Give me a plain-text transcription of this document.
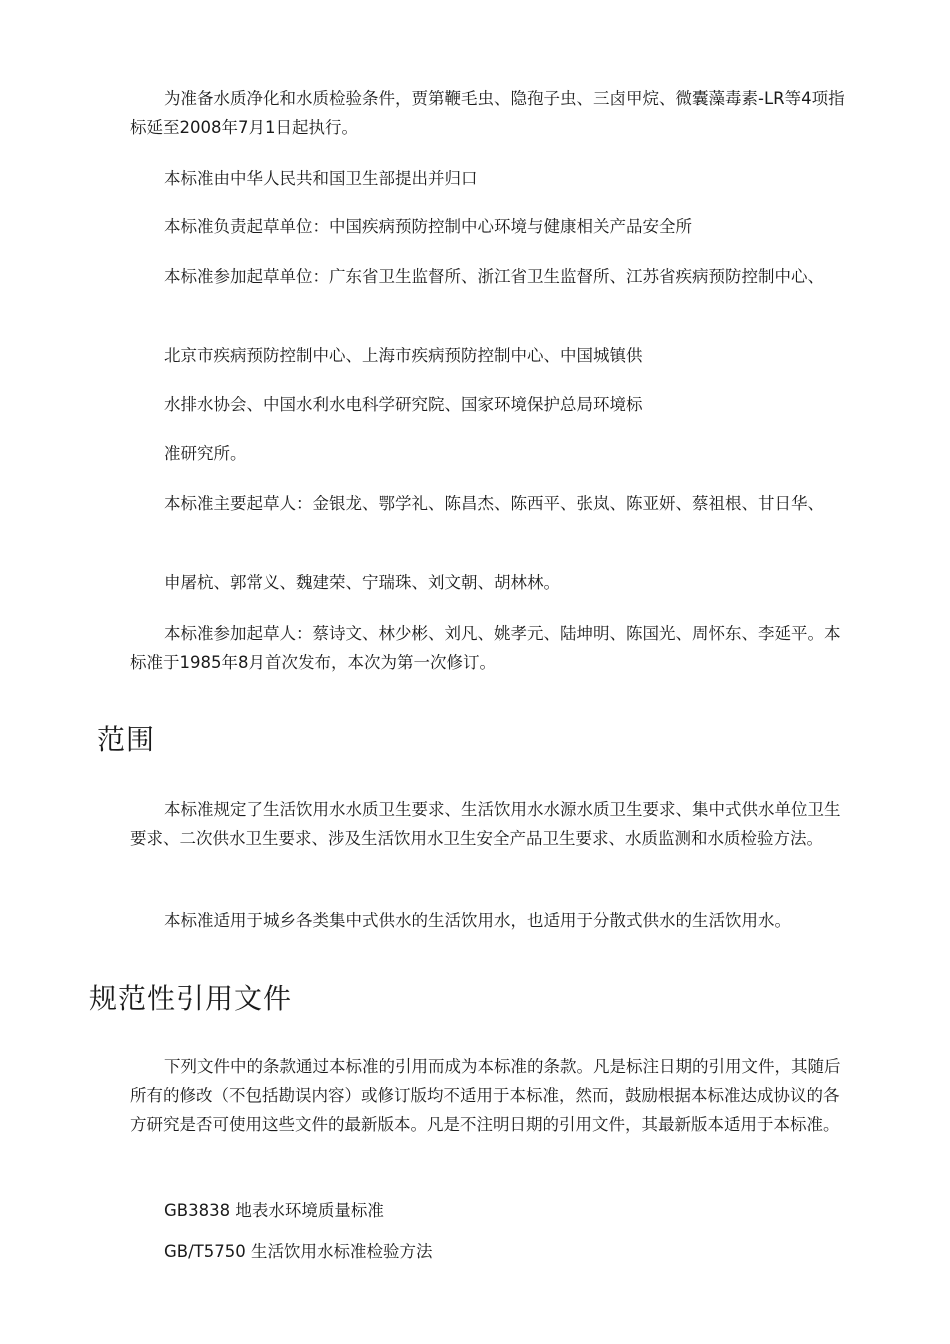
为准备水质净化和水质检验条件，贾第鞭毛虫、隐孢子虫、三卤甲烷、微囊藻毒素-LR等4项指标延至2008年7月1日起执行。

本标准由中华人民共和国卫生部提出并归口

本标准负责起草单位：中国疾病预防控制中心环境与健康相关产品安全所

本标准参加起草单位：广东省卫生监督所、浙江省卫生监督所、江苏省疾病预防控制中心、

北京市疾病预防控制中心、上海市疾病预防控制中心、中国城镇供

水排水协会、中国水利水电科学研究院、国家环境保护总局环境标

准研究所。

本标准主要起草人：金银龙、鄂学礼、陈昌杰、陈西平、张岚、陈亚妍、蔡祖根、甘日华、

申屠杭、郭常义、魏建荣、宁瑞珠、刘文朝、胡林林。

本标准参加起草人：蔡诗文、林少彬、刘凡、姚孝元、陆坤明、陈国光、周怀东、李延平。本标准于1985年8月首次发布，本次为第一次修订。

范围

本标准规定了生活饮用水水质卫生要求、生活饮用水水源水质卫生要求、集中式供水单位卫生要求、二次供水卫生要求、涉及生活饮用水卫生安全产品卫生要求、水质监测和水质检验方法。

本标准适用于城乡各类集中式供水的生活饮用水，也适用于分散式供水的生活饮用水。

规范性引用文件

下列文件中的条款通过本标准的引用而成为本标准的条款。凡是标注日期的引用文件，其随后所有的修改（不包括勘误内容）或修订版均不适用于本标准，然而，鼓励根据本标准达成协议的各方研究是否可使用这些文件的最新版本。凡是不注明日期的引用文件，其最新版本适用于本标准。

GB3838 地表水环境质量标准

GB/T5750 生活饮用水标准检验方法
